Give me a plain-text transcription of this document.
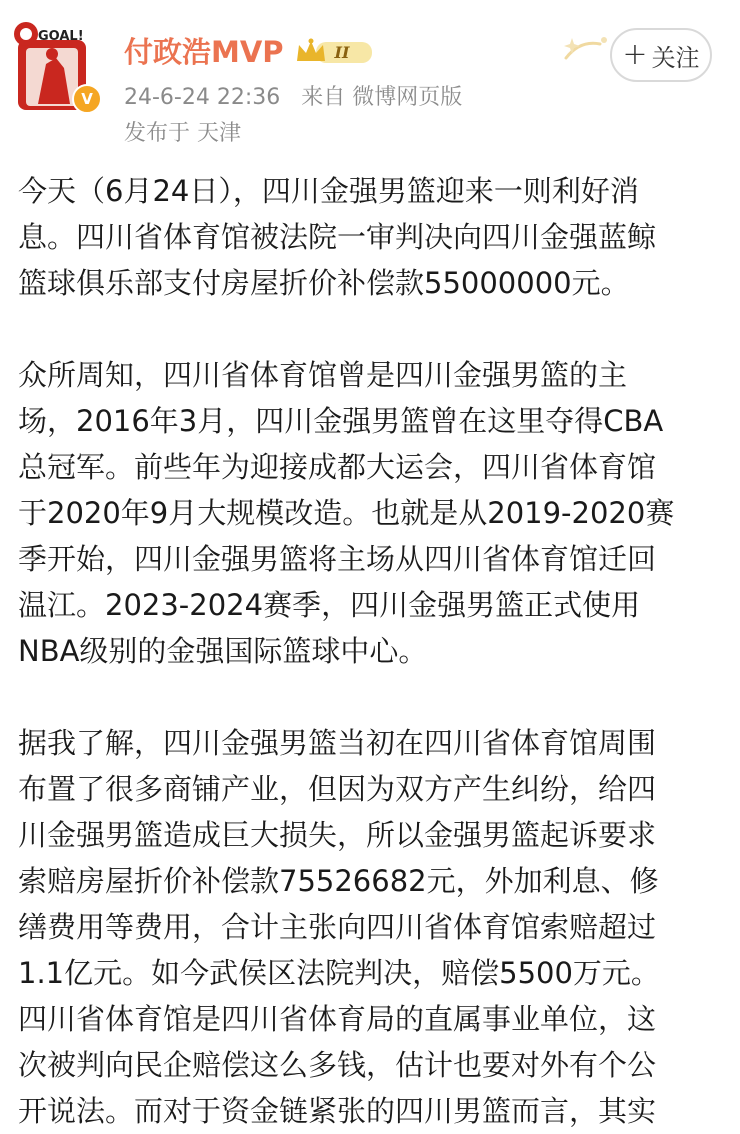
GOAL!
V
付政浩MVP	II
24-6-24 22:36 来自 微博网页版
发布于 天津
+ 关注
今天（6月24日），四川金强男篮迎来一则利好消
息。四川省体育馆被法院一审判决向四川金强蓝鲸
篮球俱乐部支付房屋折价补偿款55000000元。
众所周知，四川省体育馆曾是四川金强男篮的主
场，2016年3月，四川金强男篮曾在这里夺得CBA
总冠军。前些年为迎接成都大运会，四川省体育馆
于2020年9月大规模改造。也就是从2019-2020赛
季开始，四川金强男篮将主场从四川省体育馆迁回
温江。2023-2024赛季，四川金强男篮正式使用
NBA级别的金强国际篮球中心。
据我了解，四川金强男篮当初在四川省体育馆周围
布置了很多商铺产业，但因为双方产生纠纷，给四
川金强男篮造成巨大损失，所以金强男篮起诉要求
索赔房屋折价补偿款75526682元，外加利息、修
缮费用等费用，合计主张向四川省体育馆索赔超过
1.1亿元。如今武侯区法院判决，赔偿5500万元。
四川省体育馆是四川省体育局的直属事业单位，这
次被判向民企赔偿这么多钱，估计也要对外有个公
开说法。而对于资金链紧张的四川男篮而言，其实
